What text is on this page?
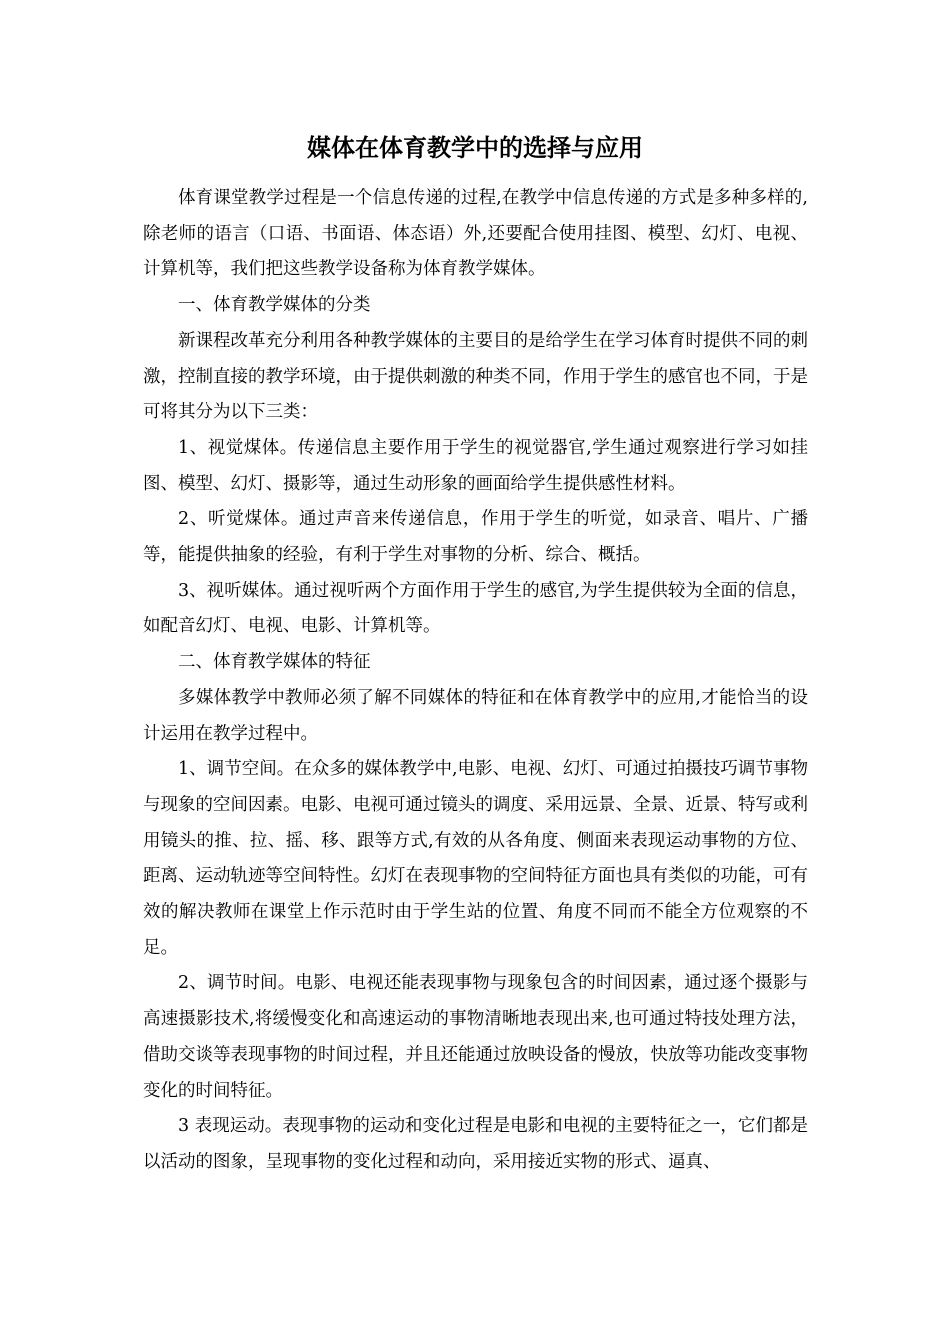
媒体在体育教学中的选择与应用

体育课堂教学过程是一个信息传递的过程,在教学中信息传递的方式是多种多样的,除老师的语言（口语、书面语、体态语）外,还要配合使用挂图、模型、幻灯、电视、计算机等，我们把这些教学设备称为体育教学媒体。

一、体育教学媒体的分类

新课程改革充分利用各种教学媒体的主要目的是给学生在学习体育时提供不同的刺激，控制直接的教学环境，由于提供刺激的种类不同，作用于学生的感官也不同，于是可将其分为以下三类：

1、视觉煤体。传递信息主要作用于学生的视觉器官,学生通过观察进行学习如挂图、模型、幻灯、摄影等，通过生动形象的画面给学生提供感性材料。

2、听觉煤体。通过声音来传递信息，作用于学生的听觉，如录音、唱片、广播等，能提供抽象的经验，有利于学生对事物的分析、综合、概括。

3、视听媒体。通过视听两个方面作用于学生的感官,为学生提供较为全面的信息，如配音幻灯、电视、电影、计算机等。

二、体育教学媒体的特征

多媒体教学中教师必须了解不同媒体的特征和在体育教学中的应用,才能恰当的设计运用在教学过程中。

1、调节空间。在众多的媒体教学中,电影、电视、幻灯、可通过拍摄技巧调节事物与现象的空间因素。电影、电视可通过镜头的调度、采用远景、全景、近景、特写或利用镜头的推、拉、摇、移、跟等方式,有效的从各角度、侧面来表现运动事物的方位、距离、运动轨迹等空间特性。幻灯在表现事物的空间特征方面也具有类似的功能，可有效的解决教师在课堂上作示范时由于学生站的位置、角度不同而不能全方位观察的不足。

2、调节时间。电影、电视还能表现事物与现象包含的时间因素，通过逐个摄影与高速摄影技术,将缓慢变化和高速运动的事物清晰地表现出来,也可通过特技处理方法，借助交谈等表现事物的时间过程，并且还能通过放映设备的慢放，快放等功能改变事物变化的时间特征。

3 表现运动。表现事物的运动和变化过程是电影和电视的主要特征之一，它们都是以活动的图象，呈现事物的变化过程和动向，采用接近实物的形式、逼真、
